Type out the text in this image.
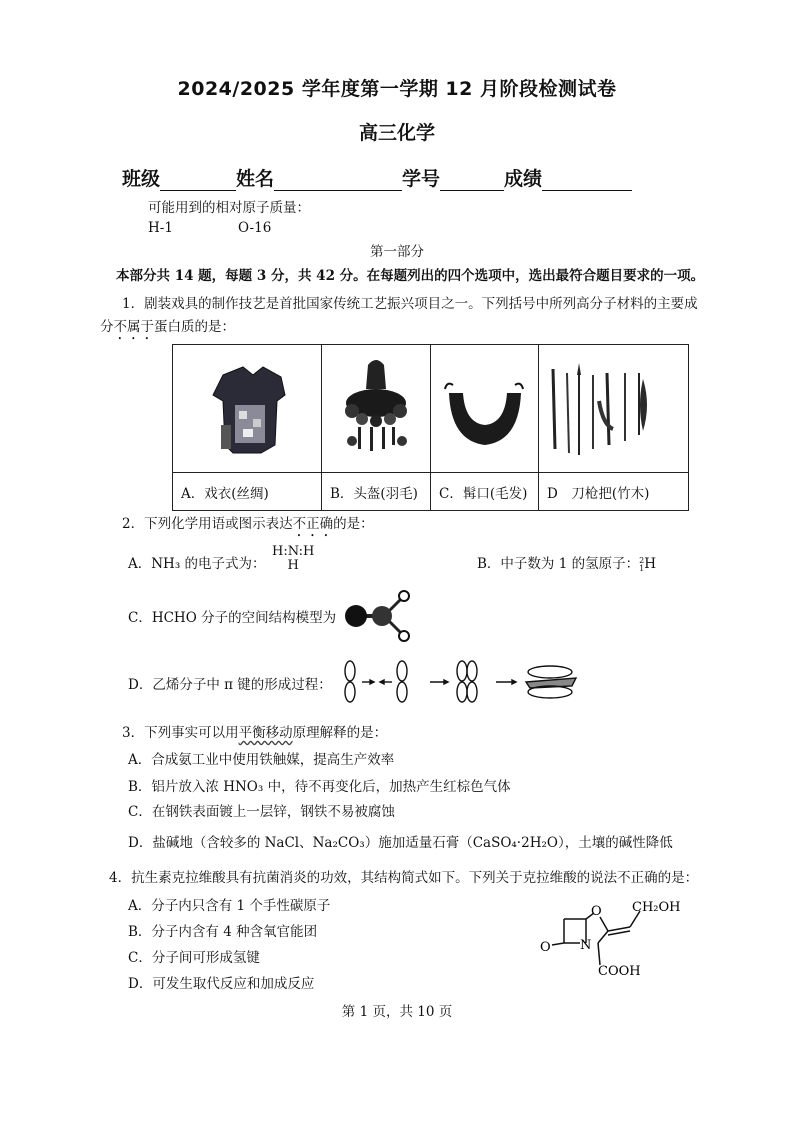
2024/2025 学年度第一学期 12 月阶段检测试卷
高三化学
班级	姓名	学号	成绩
可能用到的相对原子质量：
H-1	O-16
第一部分
本部分共 14 题，每题 3 分，共 42 分。在每题列出的四个选项中，选出最符合题目要求的一项。
1．剧装戏具的制作技艺是首批国家传统工艺振兴项目之一。下列括号中所列高分子材料的主要成
分不属于蛋白质的是：

A．戏衣(丝绸)	B．头盔(羽毛)	C．髯口(毛发)	D　刀枪把(竹木)
2．下列化学用语或图示表达不正确的是：
A．NH₃ 的电子式为：
H:N:H
H	B．中子数为 1 的氢原子： 2
1 H
C．HCHO 分子的空间结构模型为
D．乙烯分子中 π 键的形成过程：
3．下列事实可以用平衡移动原理解释的是：
A．合成氨工业中使用铁触媒，提高生产效率
B．铝片放入浓 HNO₃ 中，待不再变化后，加热产生红棕色气体
C．在钢铁表面镀上一层锌，钢铁不易被腐蚀
D．盐碱地（含较多的 NaCl、Na₂CO₃）施加适量石膏（CaSO₄·2H₂O），土壤的碱性降低
4．抗生素克拉维酸具有抗菌消炎的功效，其结构简式如下。下列关于克拉维酸的说法不正确的是：
A．分子内只含有 1 个手性碳原子
B．分子内含有 4 种含氧官能团
C．分子间可形成氢键
D．可发生取代反应和加成反应
O
O
N
CH₂OH
COOH
第 1 页，共 10 页
